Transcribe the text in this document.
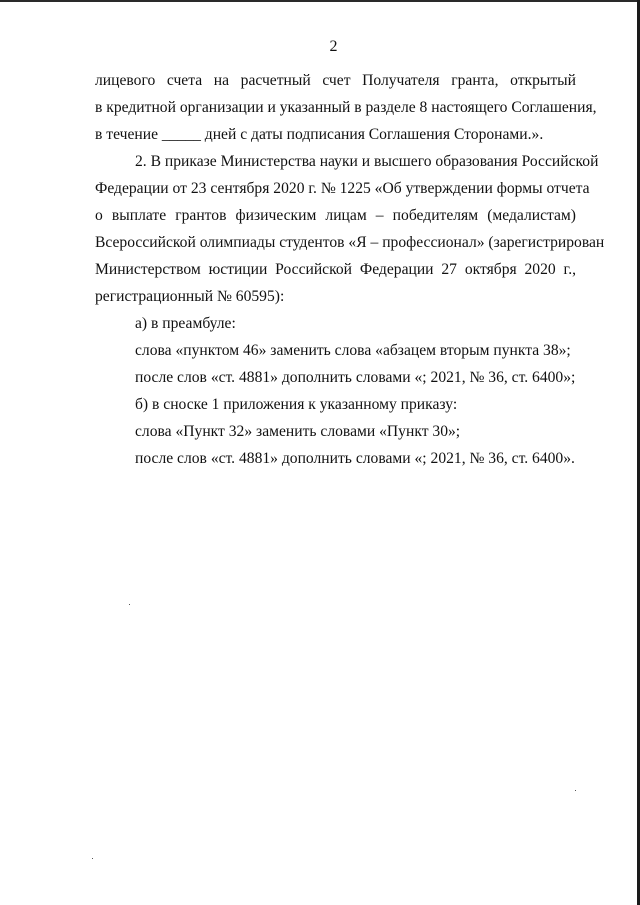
2
лицевого счета на расчетный счет Получателя гранта, открытый
в кредитной организации и указанный в разделе 8 настоящего Соглашения,
в течение _____ дней с даты подписания Соглашения Сторонами.».
2. В приказе Министерства науки и высшего образования Российской
Федерации от 23 сентября 2020 г. № 1225 «Об утверждении формы отчета
о выплате грантов физическим лицам – победителям (медалистам)
Всероссийской олимпиады студентов «Я – профессионал» (зарегистрирован
Министерством юстиции Российской Федерации 27 октября 2020 г.,
регистрационный № 60595):
а) в преамбуле:
слова «пунктом 46» заменить слова «абзацем вторым пункта 38»;
после слов «ст. 4881» дополнить словами «; 2021, № 36, ст. 6400»;
б) в сноске 1 приложения к указанному приказу:
слова «Пункт 32» заменить словами «Пункт 30»;
после слов «ст. 4881» дополнить словами «; 2021, № 36, ст. 6400».
